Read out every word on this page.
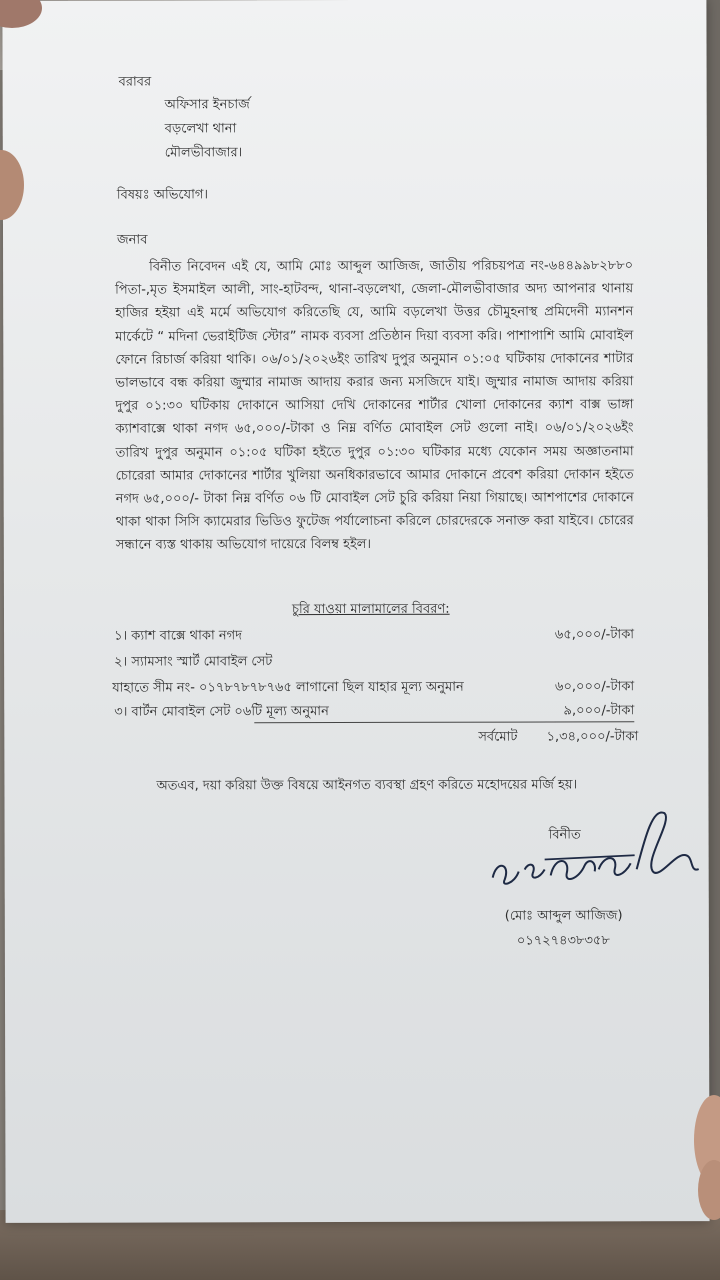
বরাবর
অফিসার ইনচার্জ
বড়লেখা থানা
মৌলভীবাজার।
বিষয়ঃ অভিযোগ।
জনাব
বিনীত নিবেদন এই যে, আমি মোঃ আব্দুল আজিজ, জাতীয় পরিচয়পত্র নং-৬৪৪৯৯৮২৮৮০ পিতা-,মৃত ইসমাইল আলী, সাং-হাটবন্দ, থানা-বড়লেখা, জেলা-মৌলভীবাজার অদ্য আপনার থানায় হাজির হইয়া এই মর্মে অভিযোগ করিতেছি যে, আমি বড়লেখা উত্তর চৌমুহনাস্থ প্রমিদেনী ম্যানশন মার্কেটে “ মদিনা ভেরাইটিজ স্টোর” নামক ব্যবসা প্রতিষ্ঠান দিয়া ব্যবসা করি। পাশাপাশি আমি মোবাইল ফোনে রিচার্জ করিয়া থাকি। ০৬/০১/২০২৬ইং তারিখ দুপুর অনুমান ০১:০৫ ঘটিকায় দোকানের শাটার ভালভাবে বন্ধ করিয়া জুম্মার নামাজ আদায় করার জন্য মসজিদে যাই। জুম্মার নামাজ আদায় করিয়া দুপুর ০১:৩০ ঘটিকায় দোকানে আসিয়া দেখি দোকানের শার্টার খোলা দোকানের ক্যাশ বাক্স ভাঙ্গা ক্যাশবাক্সে থাকা নগদ ৬৫,০০০/-টাকা ও নিম্ন বর্ণিত মোবাইল সেট গুলো নাই। ০৬/০১/২০২৬ইং তারিখ দুপুর অনুমান ০১:০৫ ঘটিকা হইতে দুপুর ০১:৩০ ঘটিকার মধ্যে যেকোন সময় অজ্ঞাতনামা চোরেরা আমার দোকানের শার্টার খুলিয়া অনধিকারভাবে আমার দোকানে প্রবেশ করিয়া দোকান হইতে নগদ ৬৫,০০০/- টাকা নিম্ন বর্ণিত ০৬ টি মোবাইল সেট চুরি করিয়া নিয়া গিয়াছে। আশপাশের দোকানে থাকা থাকা সিসি ক্যামেরার ভিডিও ফুটেজ পর্যালোচনা করিলে চোরদেরকে সনাক্ত করা যাইবে। চোরের সন্ধানে ব্যস্ত থাকায় অভিযোগ দায়েরে বিলম্ব হইল।
চুরি যাওয়া মালামালের বিবরণ:
১। ক্যাশ বাক্সে থাকা নগদ	৬৫,০০০/-টাকা
২। স্যামসাং স্মার্ট মোবাইল সেট
যাহাতে সীম নং- ০১৭৮৭৮৭৮৭৬৫ লাগানো ছিল যাহার মূল্য অনুমান	৬০,০০০/-টাকা
৩। বার্টন মোবাইল সেট ০৬টি মূল্য অনুমান	৯,০০০/-টাকা
সর্বমোট	১,৩৪,০০০/-টাকা
অতএব, দয়া করিয়া উক্ত বিষয়ে আইনগত ব্যবস্থা গ্রহণ করিতে মহোদয়ের মর্জি হয়।
বিনীত
(মোঃ আব্দুল আজিজ)
০১৭২৭৪৩৮৩৫৮
